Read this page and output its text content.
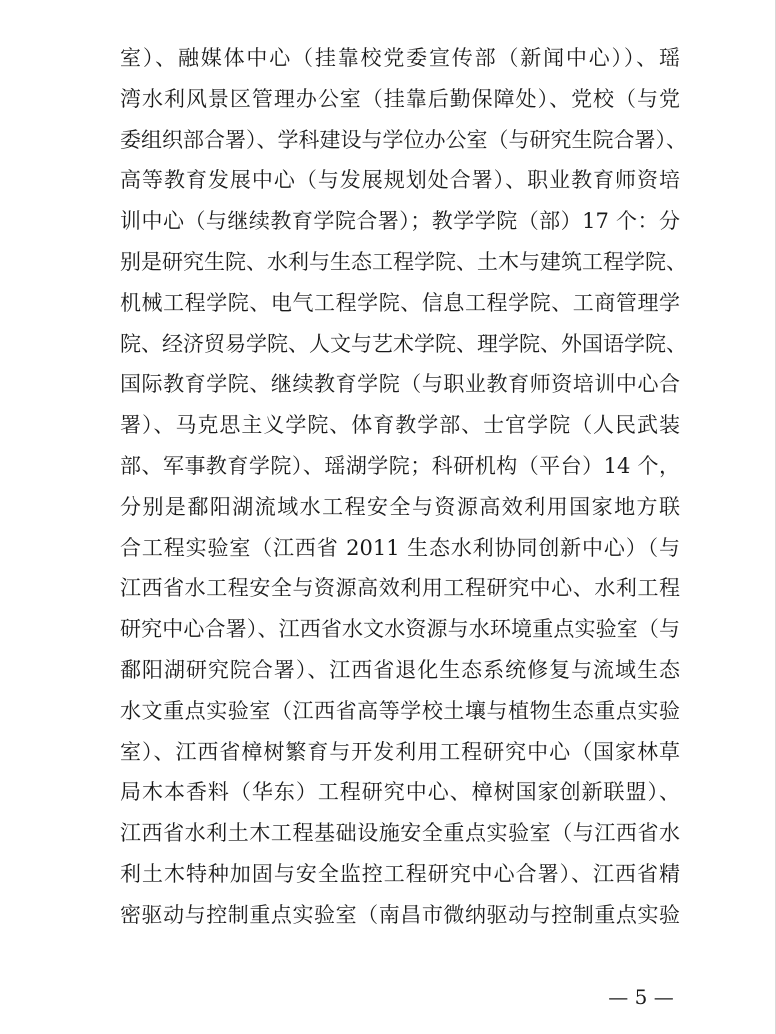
室）、融媒体中心（挂靠校党委宣传部（新闻中心））、瑶
湾水利风景区管理办公室（挂靠后勤保障处）、党校（与党
委组织部合署）、学科建设与学位办公室（与研究生院合署）、
高等教育发展中心（与发展规划处合署）、职业教育师资培
训中心（与继续教育学院合署）；教学学院（部）17 个：分
别是研究生院、水利与生态工程学院、土木与建筑工程学院、
机械工程学院、电气工程学院、信息工程学院、工商管理学
院、经济贸易学院、人文与艺术学院、理学院、外国语学院、
国际教育学院、继续教育学院（与职业教育师资培训中心合
署）、马克思主义学院、体育教学部、士官学院（人民武装
部、军事教育学院）、瑶湖学院；科研机构（平台）14 个，
分别是鄱阳湖流域水工程安全与资源高效利用国家地方联
合工程实验室（江西省 2011 生态水利协同创新中心）（与
江西省水工程安全与资源高效利用工程研究中心、水利工程
研究中心合署）、江西省水文水资源与水环境重点实验室（与
鄱阳湖研究院合署）、江西省退化生态系统修复与流域生态
水文重点实验室（江西省高等学校土壤与植物生态重点实验
室）、江西省樟树繁育与开发利用工程研究中心（国家林草
局木本香料（华东）工程研究中心、樟树国家创新联盟）、
江西省水利土木工程基础设施安全重点实验室（与江西省水
利土木特种加固与安全监控工程研究中心合署）、江西省精
密驱动与控制重点实验室（南昌市微纳驱动与控制重点实验
— 5 —
